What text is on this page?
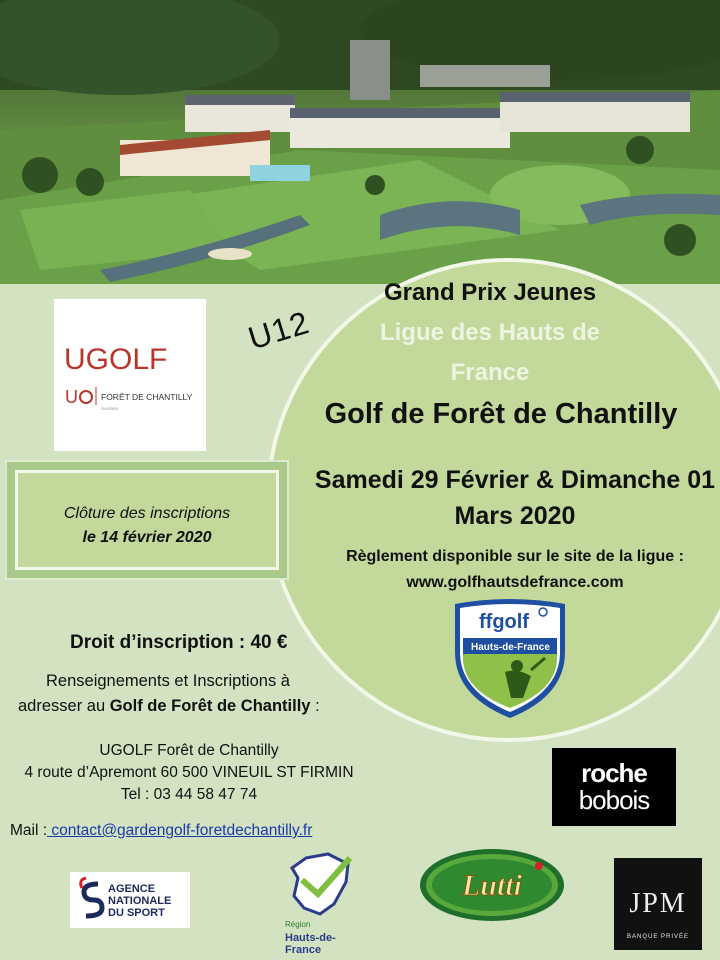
Grand Prix Jeunes
Ligue des Hauts de France
U12
Golf de Forêt de Chantilly
Samedi 29 Février & Dimanche 01
Mars 2020
Règlement disponible sur le site de la ligue :
www.golfhautsdefrance.com
UGOLF
U	FORÊT DE CHANTILLY
GARDEN
Clôture des inscriptions
le 14 février 2020
Droit d’inscription : 40 €
Renseignements et Inscriptions à
adresser au Golf de Forêt de Chantilly :
UGOLF Forêt de Chantilly
4 route d’Apremont 60 500 VINEUIL ST FIRMIN
Tel : 03 44 58 47 74
Mail : contact@gardengolf-foretdechantilly.fr
ffgolf
Hauts-de-France
roche
bobois
AGENCE
NATIONALE
DU SPORT
Région
Hauts-de-France
Lutti
JPM
BANQUE PRIVÉE
